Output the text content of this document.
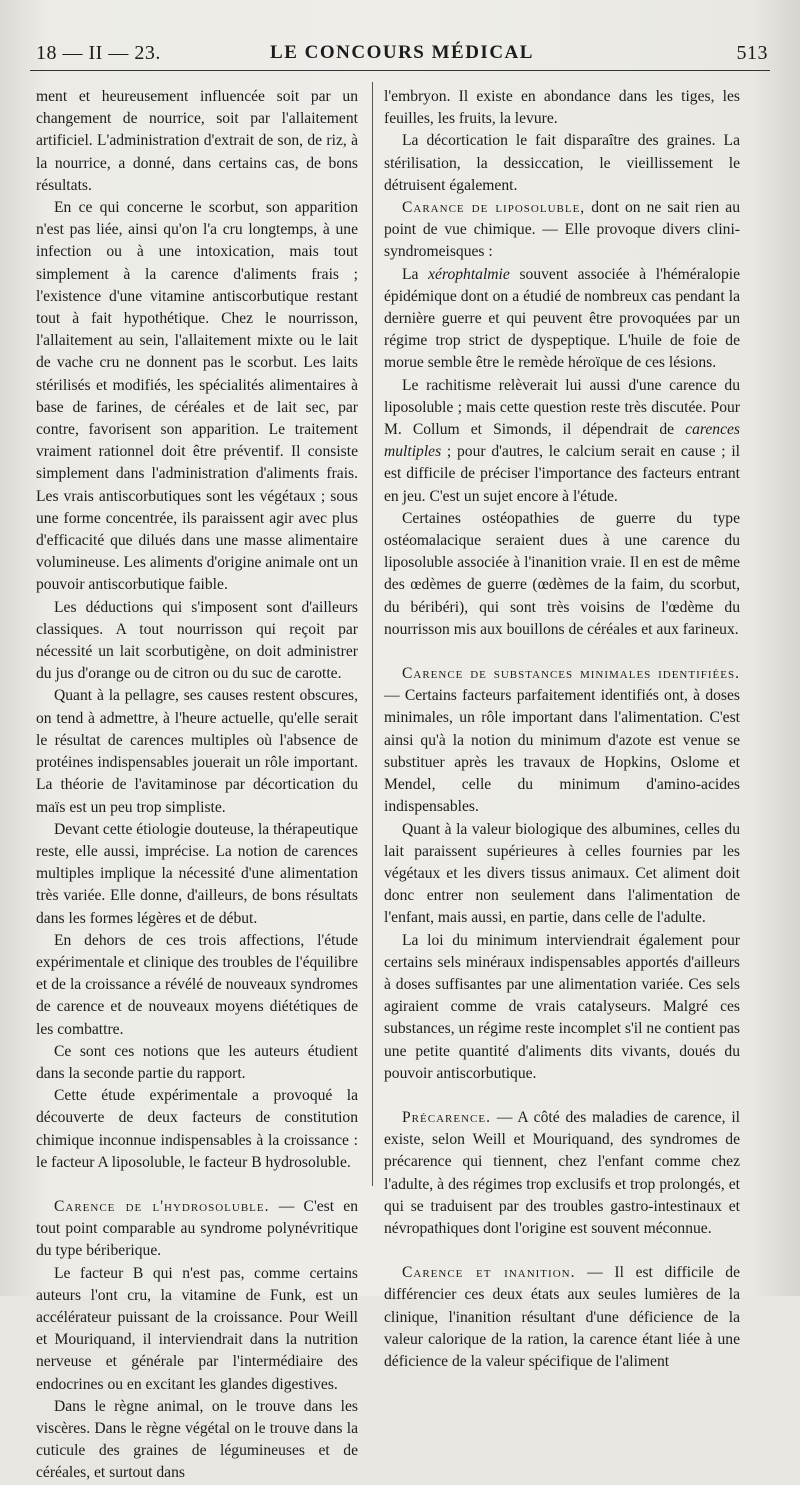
18 — II — 23.	LE CONCOURS MÉDICAL	513

ment et heureusement influencée soit par un changement de nourrice, soit par l'allaitement artificiel. L'administration d'extrait de son, de riz, à la nourrice, a donné, dans certains cas, de bons résultats.

En ce qui concerne le scorbut, son apparition n'est pas liée, ainsi qu'on l'a cru longtemps, à une infection ou à une intoxication, mais tout simplement à la carence d'aliments frais ; l'existence d'une vitamine antiscorbutique restant tout à fait hypothétique. Chez le nourrisson, l'allaitement au sein, l'allaitement mixte ou le lait de vache cru ne donnent pas le scorbut. Les laits stérilisés et modifiés, les spécialités alimentaires à base de farines, de céréales et de lait sec, par contre, favorisent son apparition. Le traitement vraiment rationnel doit être préventif. Il consiste simplement dans l'administration d'aliments frais. Les vrais antiscorbutiques sont les végétaux ; sous une forme concentrée, ils paraissent agir avec plus d'efficacité que dilués dans une masse alimentaire volumineuse. Les aliments d'origine animale ont un pouvoir antiscorbutique faible.

Les déductions qui s'imposent sont d'ailleurs classiques. A tout nourrisson qui reçoit par nécessité un lait scorbutigène, on doit administrer du jus d'orange ou de citron ou du suc de carotte.

Quant à la pellagre, ses causes restent obscures, on tend à admettre, à l'heure actuelle, qu'elle serait le résultat de carences multiples où l'absence de protéines indispensables jouerait un rôle important. La théorie de l'avitaminose par décortication du maïs est un peu trop simpliste.

Devant cette étiologie douteuse, la thérapeutique reste, elle aussi, imprécise. La notion de carences multiples implique la nécessité d'une alimentation très variée. Elle donne, d'ailleurs, de bons résultats dans les formes légères et de début.

En dehors de ces trois affections, l'étude expérimentale et clinique des troubles de l'équilibre et de la croissance a révélé de nouveaux syndromes de carence et de nouveaux moyens diététiques de les combattre.

Ce sont ces notions que les auteurs étudient dans la seconde partie du rapport.

Cette étude expérimentale a provoqué la découverte de deux facteurs de constitution chimique inconnue indispensables à la croissance : le facteur A liposoluble, le facteur B hydrosoluble.

Carence de l'hydrosoluble. — C'est en tout point comparable au syndrome polynévritique du type bériberique.

Le facteur B qui n'est pas, comme certains auteurs l'ont cru, la vitamine de Funk, est un accélérateur puissant de la croissance. Pour Weill et Mouriquand, il interviendrait dans la nutrition nerveuse et générale par l'intermédiaire des endocrines ou en excitant les glandes digestives.

Dans le règne animal, on le trouve dans les viscères. Dans le règne végétal on le trouve dans la cuticule des graines de légumineuses et de céréales, et surtout dans

l'embryon. Il existe en abondance dans les tiges, les feuilles, les fruits, la levure.

La décortication le fait disparaître des graines. La stérilisation, la dessiccation, le vieillissement le détruisent également.

Carance de liposoluble, dont on ne sait rien au point de vue chimique. — Elle provoque divers clini-syndromeisques :

La xérophtalmie souvent associée à l'héméralopie épidémique dont on a étudié de nombreux cas pendant la dernière guerre et qui peuvent être provoquées par un régime trop strict de dyspeptique. L'huile de foie de morue semble être le remède héroïque de ces lésions.

Le rachitisme relèverait lui aussi d'une carence du liposoluble ; mais cette question reste très discutée. Pour M. Collum et Simonds, il dépendrait de carences multiples ; pour d'autres, le calcium serait en cause ; il est difficile de préciser l'importance des facteurs entrant en jeu. C'est un sujet encore à l'étude.

Certaines ostéopathies de guerre du type ostéomalacique seraient dues à une carence du liposoluble associée à l'inanition vraie. Il en est de même des œdèmes de guerre (œdèmes de la faim, du scorbut, du béribéri), qui sont très voisins de l'œdème du nourrisson mis aux bouillons de céréales et aux farineux.

Carence de substances minimales identifiées. — Certains facteurs parfaitement identifiés ont, à doses minimales, un rôle important dans l'alimentation. C'est ainsi qu'à la notion du minimum d'azote est venue se substituer après les travaux de Hopkins, Oslome et Mendel, celle du minimum d'amino-acides indispensables.

Quant à la valeur biologique des albumines, celles du lait paraissent supérieures à celles fournies par les végétaux et les divers tissus animaux. Cet aliment doit donc entrer non seulement dans l'alimentation de l'enfant, mais aussi, en partie, dans celle de l'adulte.

La loi du minimum interviendrait également pour certains sels minéraux indispensables apportés d'ailleurs à doses suffisantes par une alimentation variée. Ces sels agiraient comme de vrais catalyseurs. Malgré ces substances, un régime reste incomplet s'il ne contient pas une petite quantité d'aliments dits vivants, doués du pouvoir antiscorbutique.

Précarence. — A côté des maladies de carence, il existe, selon Weill et Mouriquand, des syndromes de précarence qui tiennent, chez l'enfant comme chez l'adulte, à des régimes trop exclusifs et trop prolongés, et qui se traduisent par des troubles gastro-intestinaux et névropathiques dont l'origine est souvent méconnue.

Carence et inanition. — Il est difficile de différencier ces deux états aux seules lumières de la clinique, l'inanition résultant d'une déficience de la valeur calorique de la ration, la carence étant liée à une déficience de la valeur spécifique de l'aliment
